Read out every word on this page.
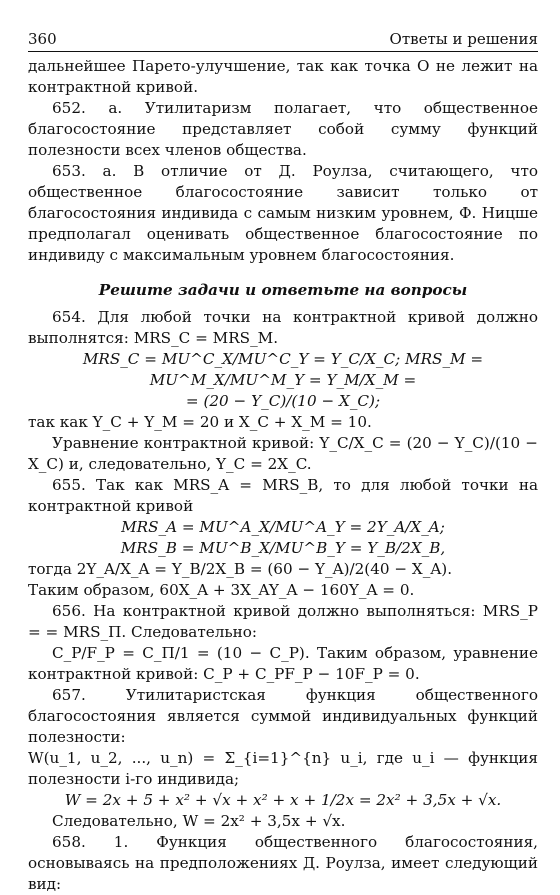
360	Ответы и решения

дальнейшее Парето-улучшение, так как точка O не лежит на контрактной кривой.

652. a. Утилитаризм полагает, что общественное благосостояние представляет собой сумму функций полезности всех членов общества.

653. a. В отличие от Д. Роулза, считающего, что общественное благосостояние зависит только от благосостояния индивида с самым низким уровнем, Ф. Ницше предполагал оценивать общественное благосостояние по индивиду с максимальным уровнем благосостояния.

Решите задачи и ответьте на вопросы

654. Для любой точки на контрактной кривой должно выполнятся: MRS_C = MRS_M.

MRS_C = MU^C_X/MU^C_Y = Y_C/X_C; MRS_M = MU^M_X/MU^M_Y = Y_M/X_M =

= (20 − Y_C)/(10 − X_C);

так как Y_C + Y_M = 20 и X_C + X_M = 10.

Уравнение контрактной кривой: Y_C/X_C = (20 − Y_C)/(10 − X_C) и, следовательно, Y_C = 2X_C.

655. Так как MRS_A = MRS_B, то для любой точки на контрактной кривой

MRS_A = MU^A_X/MU^A_Y = 2Y_A/X_A;

MRS_B = MU^B_X/MU^B_Y = Y_B/2X_B,

тогда 2Y_A/X_A = Y_B/2X_B = (60 − Y_A)/2(40 − X_A).

Таким образом, 60X_A + 3X_AY_A − 160Y_A = 0.

656. На контрактной кривой должно выполняться: MRS_P = = MRS_П. Следовательно:

C_P/F_P = C_П/1 = (10 − C_P). Таким образом, уравнение контрактной кривой: C_P + C_PF_P − 10F_P = 0.

657. Утилитаристская функция общественного благосостояния является суммой индивидуальных функций полезности:

W(u_1, u_2, ..., u_n) = Σ_{i=1}^{n} u_i, где u_i — функция полезности i-го индивида;

W = 2x + 5 + x² + √x + x² + x + 1/2x = 2x² + 3,5x + √x.

Следовательно, W = 2x² + 3,5x + √x.

658. 1. Функция общественного благосостояния, основываясь на предположениях Д. Роулза, имеет следующий вид:
